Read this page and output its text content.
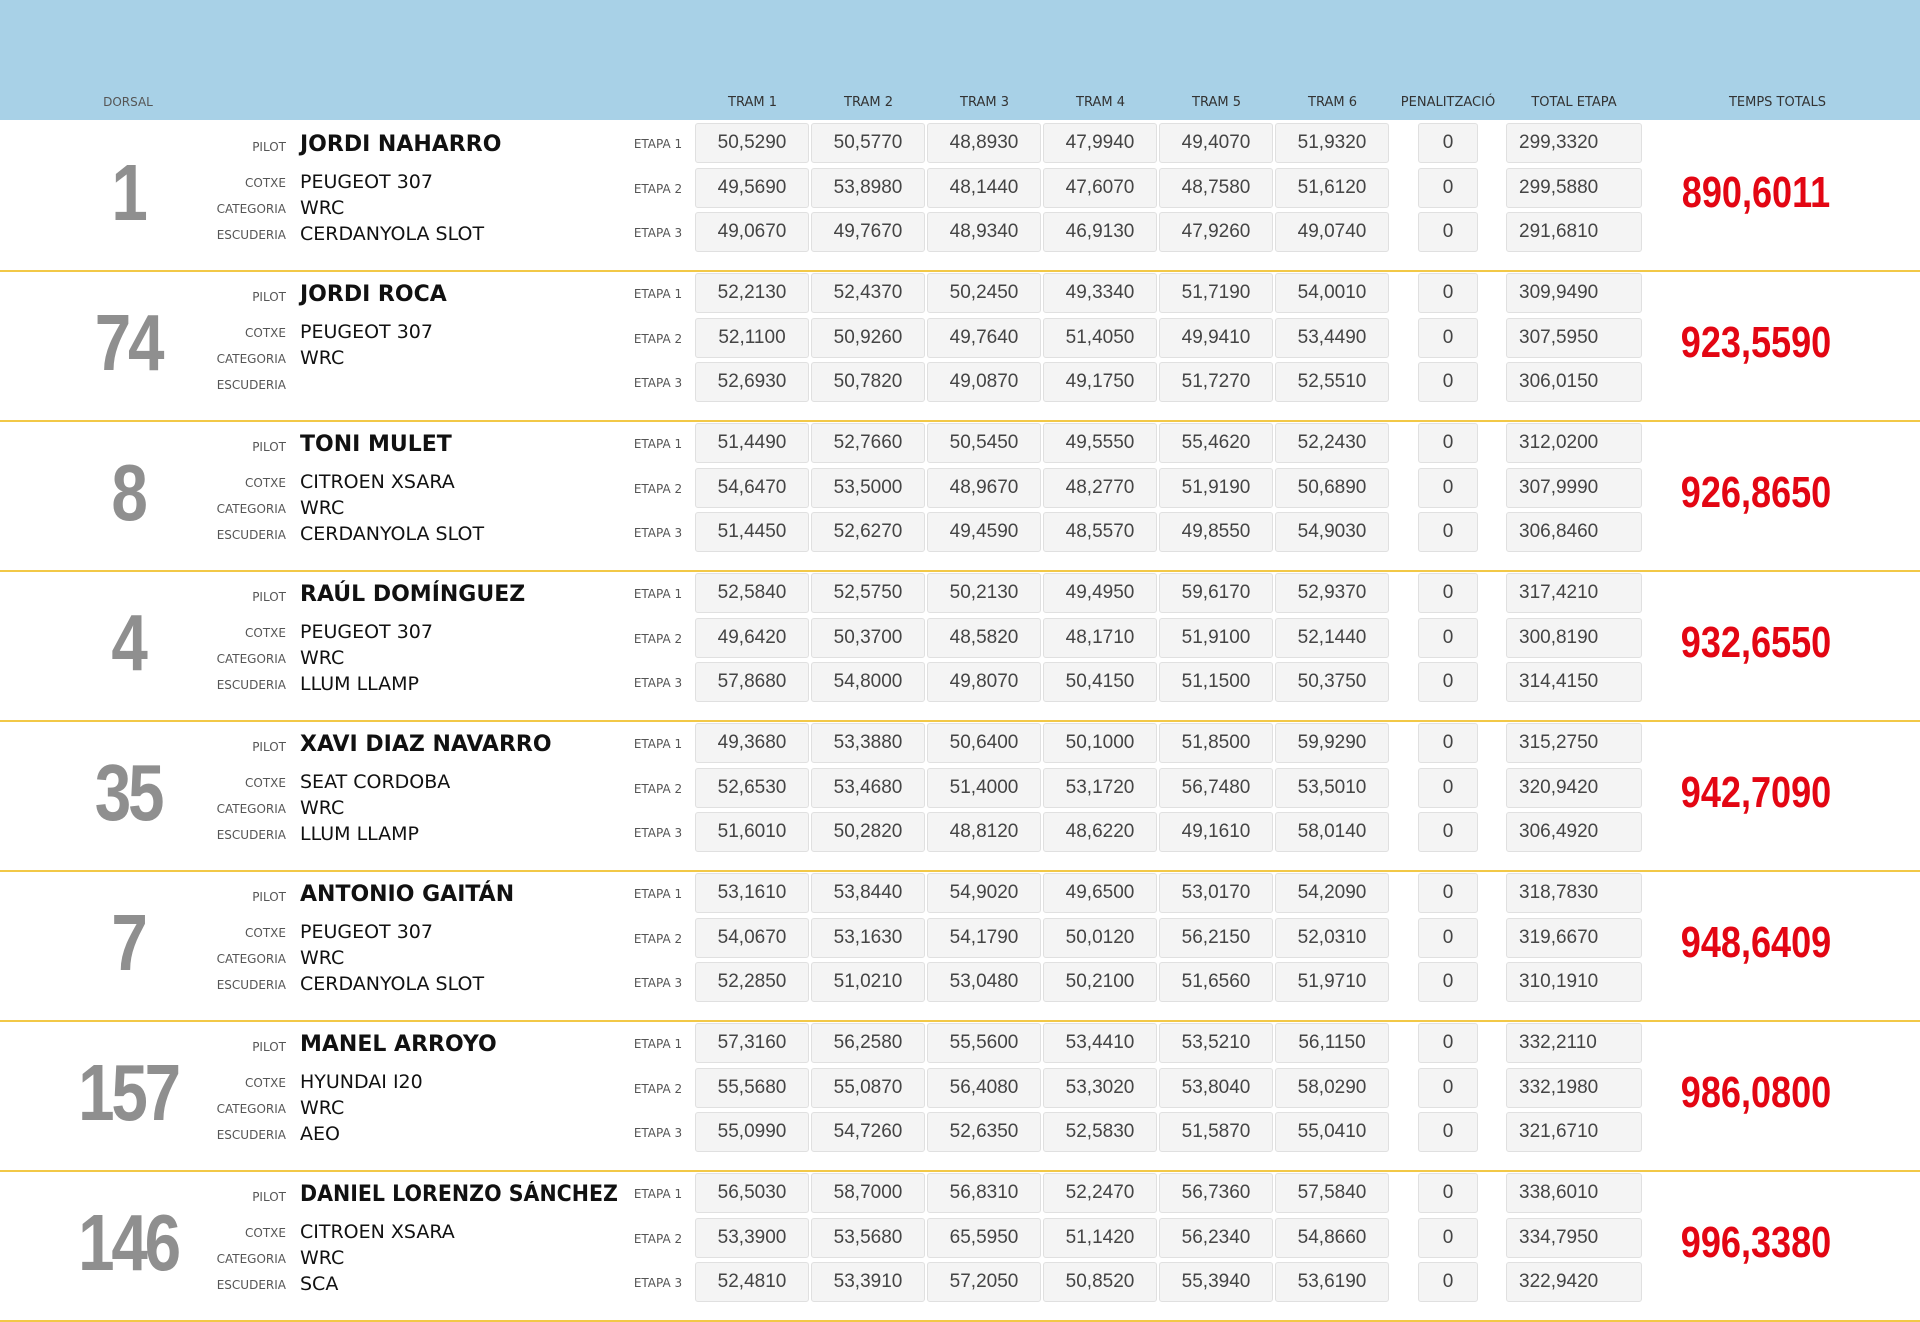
DORSAL	TRAM 1	TRAM 2	TRAM 3	TRAM 4	TRAM 5	TRAM 6	PENALITZACIÓ	TOTAL ETAPA	TEMPS TOTALS
1
PILOT JORDI NAHARRO
COTXE PEUGEOT 307
CATEGORIA WRC
ESCUDERIA CERDANYOLA SLOT
ETAPA 1	50,5290	50,5770	48,8930	47,9940	49,4070	51,9320	0	299,3320
ETAPA 2	49,5690	53,8980	48,1440	47,6070	48,7580	51,6120	0	299,5880
ETAPA 3	49,0670	49,7670	48,9340	46,9130	47,9260	49,0740	0	291,6810
890,6011
74
PILOT JORDI ROCA
COTXE PEUGEOT 307
CATEGORIA WRC
ESCUDERIA
ETAPA 1	52,2130	52,4370	50,2450	49,3340	51,7190	54,0010	0	309,9490
ETAPA 2	52,1100	50,9260	49,7640	51,4050	49,9410	53,4490	0	307,5950
ETAPA 3	52,6930	50,7820	49,0870	49,1750	51,7270	52,5510	0	306,0150
923,5590
8
PILOT TONI MULET
COTXE CITROEN XSARA
CATEGORIA WRC
ESCUDERIA CERDANYOLA SLOT
ETAPA 1	51,4490	52,7660	50,5450	49,5550	55,4620	52,2430	0	312,0200
ETAPA 2	54,6470	53,5000	48,9670	48,2770	51,9190	50,6890	0	307,9990
ETAPA 3	51,4450	52,6270	49,4590	48,5570	49,8550	54,9030	0	306,8460
926,8650
4
PILOT RAÚL DOMÍNGUEZ
COTXE PEUGEOT 307
CATEGORIA WRC
ESCUDERIA LLUM LLAMP
ETAPA 1	52,5840	52,5750	50,2130	49,4950	59,6170	52,9370	0	317,4210
ETAPA 2	49,6420	50,3700	48,5820	48,1710	51,9100	52,1440	0	300,8190
ETAPA 3	57,8680	54,8000	49,8070	50,4150	51,1500	50,3750	0	314,4150
932,6550
35
PILOT XAVI DIAZ NAVARRO
COTXE SEAT CORDOBA
CATEGORIA WRC
ESCUDERIA LLUM LLAMP
ETAPA 1	49,3680	53,3880	50,6400	50,1000	51,8500	59,9290	0	315,2750
ETAPA 2	52,6530	53,4680	51,4000	53,1720	56,7480	53,5010	0	320,9420
ETAPA 3	51,6010	50,2820	48,8120	48,6220	49,1610	58,0140	0	306,4920
942,7090
7
PILOT ANTONIO GAITÁN
COTXE PEUGEOT 307
CATEGORIA WRC
ESCUDERIA CERDANYOLA SLOT
ETAPA 1	53,1610	53,8440	54,9020	49,6500	53,0170	54,2090	0	318,7830
ETAPA 2	54,0670	53,1630	54,1790	50,0120	56,2150	52,0310	0	319,6670
ETAPA 3	52,2850	51,0210	53,0480	50,2100	51,6560	51,9710	0	310,1910
948,6409
157
PILOT MANEL ARROYO
COTXE HYUNDAI I20
CATEGORIA WRC
ESCUDERIA AEO
ETAPA 1	57,3160	56,2580	55,5600	53,4410	53,5210	56,1150	0	332,2110
ETAPA 2	55,5680	55,0870	56,4080	53,3020	53,8040	58,0290	0	332,1980
ETAPA 3	55,0990	54,7260	52,6350	52,5830	51,5870	55,0410	0	321,6710
986,0800
146
PILOT DANIEL LORENZO SÁNCHEZ
COTXE CITROEN XSARA
CATEGORIA WRC
ESCUDERIA SCA
ETAPA 1	56,5030	58,7000	56,8310	52,2470	56,7360	57,5840	0	338,6010
ETAPA 2	53,3900	53,5680	65,5950	51,1420	56,2340	54,8660	0	334,7950
ETAPA 3	52,4810	53,3910	57,2050	50,8520	55,3940	53,6190	0	322,9420
996,3380
